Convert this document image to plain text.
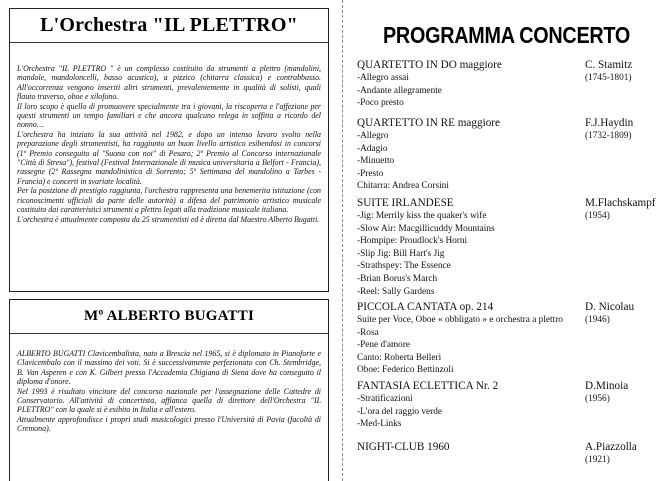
L'Orchestra "IL PLETTRO"

L'Orchestra "IL PLETTRO " è un complesso costituito da strumenti a plettro (mandolini, mandole, mandoloncelli, basso acustico), a pizzico (chitarra classica) e contrabbasso. All'occorrenza vengono inseriti altri strumenti, prevalentemente in qualità di solisti, quali flauto traverso, oboe e xilofono.

Il loro scopo è quello di promuovere specialmente tra i giovani, la riscoperta e l'affezione per questi strumenti un tempo familiari e che ancora qualcuno relega in soffitta a ricordo del nonno…

L'orchestra ha iniziato la sua attività nel 1982, e dopo un intenso lavoro svolto nella preparazione degli strumentisti, ha raggiunto un buon livello artistico esibendosi in concorsi (1º Premio conseguito al "Suona con noi" di Pesaro; 2º Premio al Concorso internazionale "Città di Stresa"), festival (Festival Internazionale di musica universitaria a Belfort - Francia), rassegne (2º Rassegna mandolinistica di Sorrento; 5º Settimana del mandolino a Tarbes - Francia) e concerti in svariate località.

Per la posizione di prestigio raggiunta, l'orchestra rappresenta una benemerita istituzione (con riconoscimenti ufficiali da parte delle autorità) a difesa del patrimonio artistico musicale costituito dai caratteristici strumenti a plettro legati alla tradizione musicale italiana.

L'orchestra è attualmente composta da 25 strumentisti ed è diretta dal Maestro Alberto Bugatti.

Mº ALBERTO BUGATTI

ALBERTO BUGATTI Clavicembalista, nato a Brescia nel 1965, si è diplomato in Pianoforte e Clavicembalo con il massimo dei voti. Si è successivamente perfezionato con Ch. Stembridge, B. Van Asperen e con K. Gilbert presso l'Accademia Chigiana di Siena dove ha conseguito il diploma d'onore.

Nel 1993 è risultato vincitore del concorso nazionale per l'assegnazione delle Cattedre di Conservatorio. All'attività di concertista, affianca quella di direttore dell'Orchestra "IL PLETTRO" con la quale si è esibito in Italia e all'estero.

Attualmente approfondisce i propri studi musicologici presso l'Università di Pavia (facoltà di Cremona).

PROGRAMMA CONCERTO
QUARTETTO IN DO maggiore	C. Stamitz
(1745-1801)
-Allegro assai
-Andante allegramente
-Poco presto
QUARTETTO IN RE maggiore	F.J.Haydin
(1732-1809)
-Allegro
-Adagio
-Minuetto
-Presto
Chitarra: Andrea Corsini
SUITE IRLANDESE	M.Flachskampf
(1954)
-Jig: Merrily kiss the quaker's wife
-Slow Air: Macgillicuddy Mountains
-Hompipe: Proudlock's Horni
-Slip Jig: Bill Hart's Jig
-Strathspey: The Essence
-Brian Borus's March
-Reel: Sally Gardens
PICCOLA CANTATA op. 214	D. Nicolau
(1946)
Suite per Voce, Oboe « obbligato » e orchestra a plettro
-Rosa
-Pene d'amore
Canto: Roberta Belleri
Oboe: Federico Bettinzoli
FANTASIA ECLETTICA Nr. 2	D.Minoia
(1956)
-Stratificazioni
-L'ora del raggio verde
-Med-Links
NIGHT-CLUB 1960	A.Piazzolla
(1921)
